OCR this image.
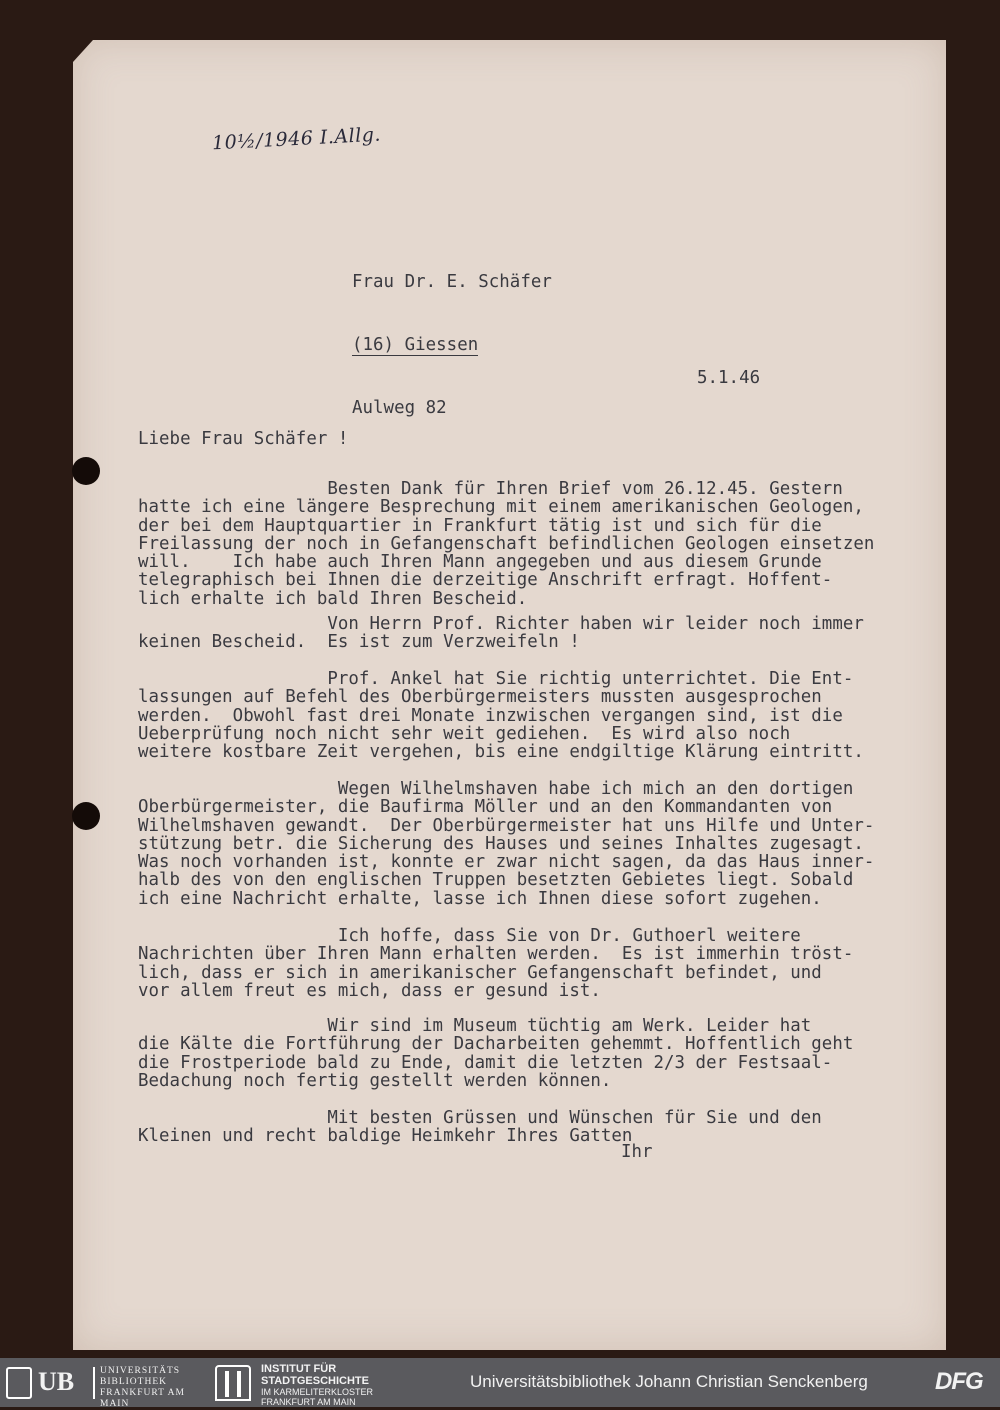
10½/1946 I.Allg.

Frau Dr. E. Schäfer

(16) Giessen

Aulweg 82

5.1.46
Liebe Frau Schäfer !
Besten Dank für Ihren Brief vom 26.12.45. Gestern
hatte ich eine längere Besprechung mit einem amerikanischen Geologen,
der bei dem Hauptquartier in Frankfurt tätig ist und sich für die
Freilassung der noch in Gefangenschaft befindlichen Geologen einsetzen
will.    Ich habe auch Ihren Mann angegeben und aus diesem Grunde
telegraphisch bei Ihnen die derzeitige Anschrift erfragt. Hoffent-
lich erhalte ich bald Ihren Bescheid.
Von Herrn Prof. Richter haben wir leider noch immer
keinen Bescheid.  Es ist zum Verzweifeln !
Prof. Ankel hat Sie richtig unterrichtet. Die Ent-
lassungen auf Befehl des Oberbürgermeisters mussten ausgesprochen
werden.  Obwohl fast drei Monate inzwischen vergangen sind, ist die
Ueberprüfung noch nicht sehr weit gediehen.  Es wird also noch
weitere kostbare Zeit vergehen, bis eine endgiltige Klärung eintritt.
Wegen Wilhelmshaven habe ich mich an den dortigen
Oberbürgermeister, die Baufirma Möller und an den Kommandanten von
Wilhelmshaven gewandt.  Der Oberbürgermeister hat uns Hilfe und Unter-
stützung betr. die Sicherung des Hauses und seines Inhaltes zugesagt.
Was noch vorhanden ist, konnte er zwar nicht sagen, da das Haus inner-
halb des von den englischen Truppen besetzten Gebietes liegt. Sobald
ich eine Nachricht erhalte, lasse ich Ihnen diese sofort zugehen.
Ich hoffe, dass Sie von Dr. Guthoerl weitere
Nachrichten über Ihren Mann erhalten werden.  Es ist immerhin tröst-
lich, dass er sich in amerikanischer Gefangenschaft befindet, und
vor allem freut es mich, dass er gesund ist.
Wir sind im Museum tüchtig am Werk. Leider hat
die Kälte die Fortführung der Dacharbeiten gehemmt. Hoffentlich geht
die Frostperiode bald zu Ende, damit die letzten 2/3 der Festsaal-
Bedachung noch fertig gestellt werden können.
Mit besten Grüssen und Wünschen für Sie und den
Kleinen und recht baldige Heimkehr Ihres Gatten
Ihr
UB	UNIVERSITÄTS
BIBLIOTHEK
FRANKFURT AM MAIN
INSTITUT FÜR
STADTGESCHICHTE
IM KARMELITERKLOSTER
FRANKFURT AM MAIN
Universitätsbibliothek Johann Christian Senckenberg	DFG
